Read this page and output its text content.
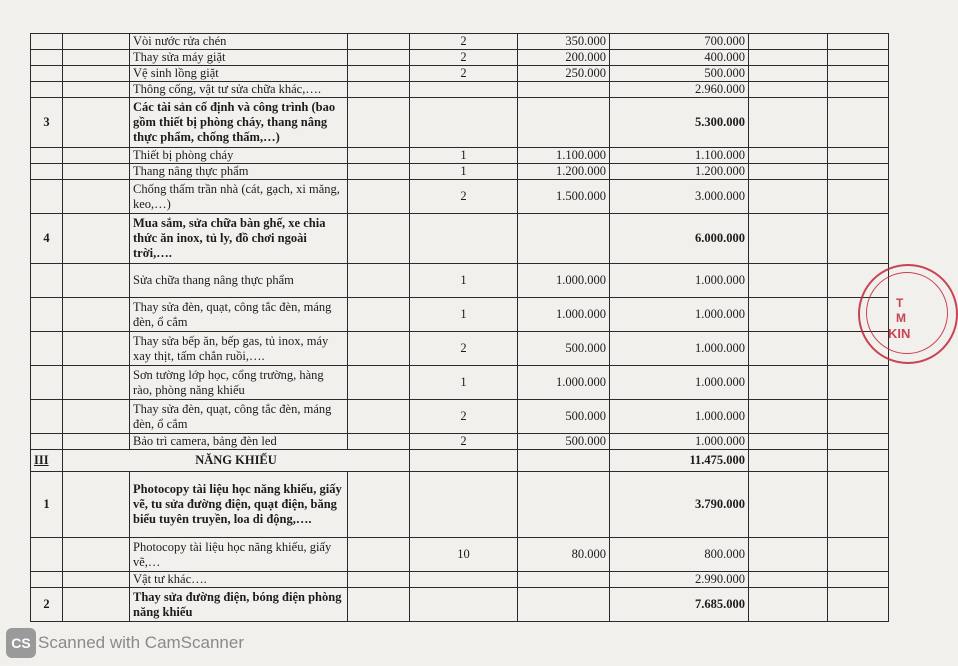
		Vòi nước rửa chén		2	350.000	700.000		
		Thay sửa máy giặt		2	200.000	400.000		
		Vệ sinh lồng giặt		2	250.000	500.000		
		Thông cống, vật tư sửa chữa khác,….				2.960.000		
3		Các tài sản cố định và công trình (bao gồm thiết bị phòng cháy, thang nâng thực phẩm, chống thấm,…)				5.300.000		
		Thiết bị phòng cháy		1	1.100.000	1.100.000		
		Thang nâng thực phẩm		1	1.200.000	1.200.000		
		Chống thấm trần nhà (cát, gạch, xi măng, keo,…)		2	1.500.000	3.000.000		
4		Mua sắm, sửa chữa bàn ghế, xe chia thức ăn inox, tủ ly, đồ chơi ngoài trời,….				6.000.000		
		Sửa chữa thang nâng thực phẩm		1	1.000.000	1.000.000		
		Thay sửa đèn, quạt, công tắc đèn, máng đèn, ổ cắm		1	1.000.000	1.000.000		
		Thay sửa bếp ăn, bếp gas, tủ inox, máy xay thịt, tấm chắn ruồi,….		2	500.000	1.000.000		
		Sơn tường lớp học, cổng trường, hàng rào, phòng năng khiếu		1	1.000.000	1.000.000		
		Thay sửa đèn, quạt, công tắc đèn, máng đèn, ổ cắm		2	500.000	1.000.000		
		Bảo trì camera, bảng đèn led		2	500.000	1.000.000		
III	NĂNG KHIẾU					11.475.000		
1		Photocopy tài liệu học năng khiếu, giấy vẽ, tu sửa đường điện, quạt điện, băng biểu tuyên truyền, loa di động,….				3.790.000		
		Photocopy tài liệu học năng khiếu, giấy vẽ,…		10	80.000	800.000		
		Vật tư khác….				2.990.000		
2		Thay sửa đường điện, bóng điện phòng năng khiếu				7.685.000		
T
M
KIN
CS Scanned with CamScanner
